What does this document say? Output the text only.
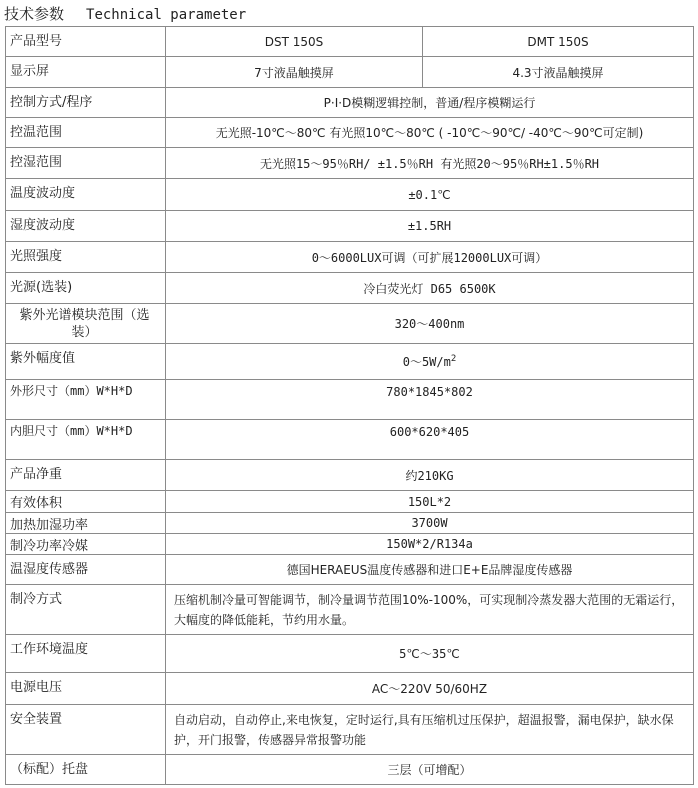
技术参数 Technical parameter
产品型号	DST 150S	DMT 150S
显示屏	7寸液晶触摸屏	4.3寸液晶触摸屏
控制方式/程序	P·I·D模糊逻辑控制，普通/程序模糊运行	
控温范围	无光照-10℃～80℃ 有光照10℃～80℃ ( -10℃～90℃/ -40℃～90℃可定制)	
控湿范围	无光照15～95％RH/ ±1.5％RH 有光照20～95％RH±1.5％RH	
温度波动度	±0.1℃	
湿度波动度	±1.5RH	
光照强度	0～6000LUX可调（可扩展12000LUX可调）	
光源(选装)	冷白荧光灯 D65 6500K	
紫外光谱模块范围（选装）	320～400nm	
紫外幅度值	$0\sim 5W/m^2$
外形尺寸（mm）W*H*D	780*1845*802	
内胆尺寸（mm）W*H*D	600*620*405	
产品净重	约210KG	
有效体积	150L*2	
加热加湿功率	3700W	
制冷功率冷媒	150W*2/R134a	
温湿度传感器	德国HERAEUS温度传感器和进口E+E品牌湿度传感器	
制冷方式	压缩机制冷量可智能调节，制冷量调节范围10%-100%，可实现制冷蒸发器大范围的无霜运行，大幅度的降低能耗，节约用水量。	
工作环境温度	5℃～35℃	
电源电压	AC～220V 50/60HZ	
安全装置	自动启动，自动停止,来电恢复，定时运行,具有压缩机过压保护，超温报警，漏电保护，缺水保护，开门报警，传感器异常报警功能	
（标配）托盘	三层（可增配）	
